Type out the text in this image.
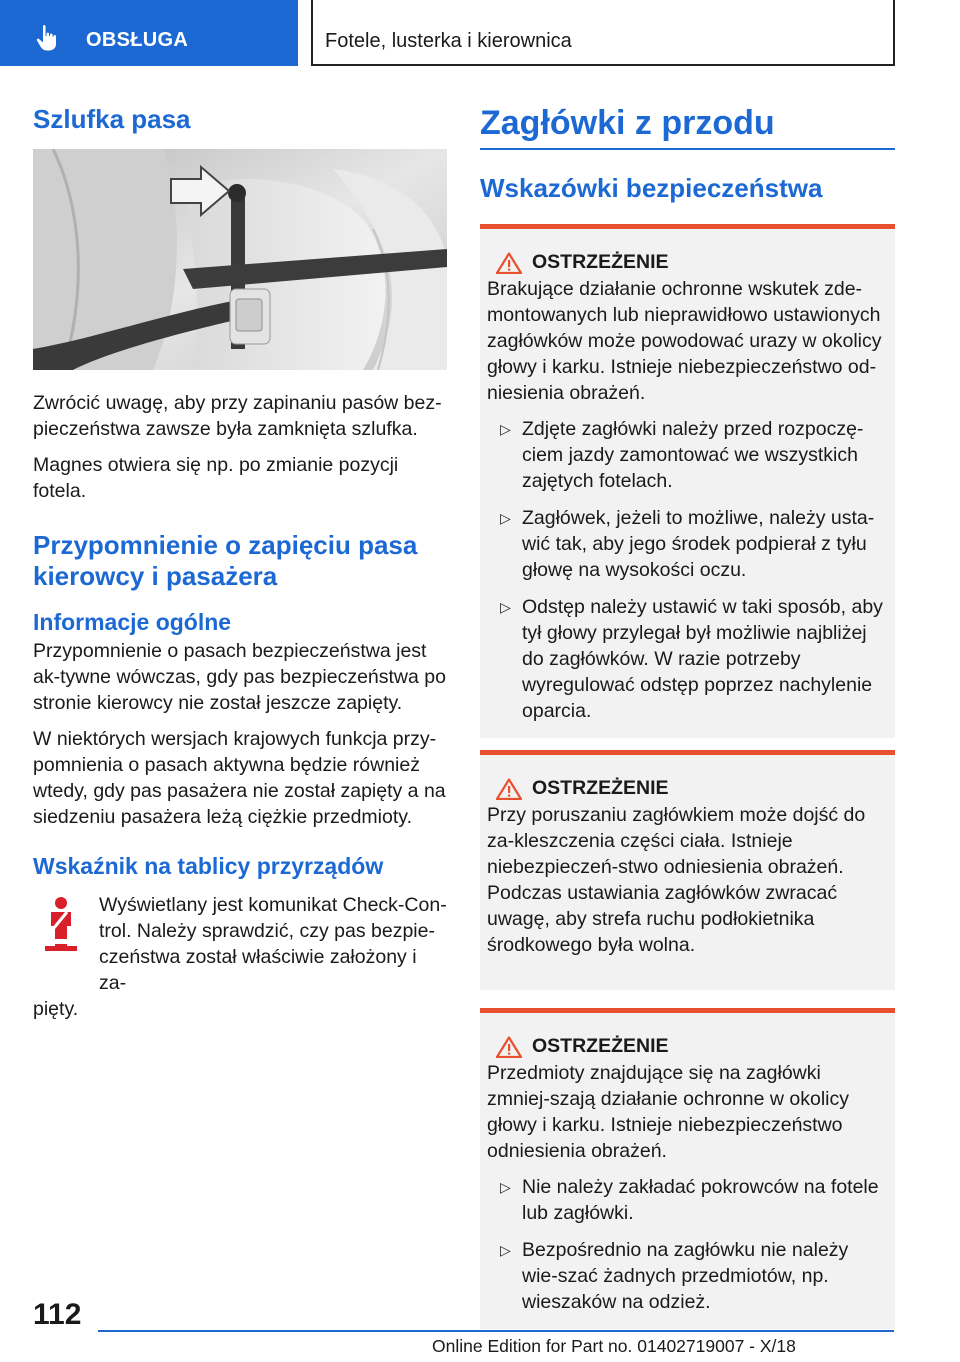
OBSŁUGA	Fotele, lusterka i kierownica
Szlufka pasa

Zwrócić uwagę, aby przy zapinaniu pasów bez-pieczeństwa zawsze była zamknięta szlufka.

Magnes otwiera się np. po zmianie pozycji fotela.

Przypomnienie o zapięciu pasa kierowcy i pasażera
Informacje ogólne

Przypomnienie o pasach bezpieczeństwa jest ak-tywne wówczas, gdy pas bezpieczeństwa po stronie kierowcy nie został jeszcze zapięty.

W niektórych wersjach krajowych funkcja przy-pomnienia o pasach aktywna będzie również wtedy, gdy pas pasażera nie został zapięty a na siedzeniu pasażera leżą ciężkie przedmioty.

Wskaźnik na tablicy przyrządów

Wyświetlany jest komunikat Check-Con-trol. Należy sprawdzić, czy pas bezpie-czeństwa został właściwie założony i za-

pięty.

Zagłówki z przodu
Wskazówki bezpieczeństwa
OSTRZEŻENIE

Brakujące działanie ochronne wskutek zde-montowanych lub nieprawidłowo ustawionych zagłówków może powodować urazy w okolicy głowy i karku. Istnieje niebezpieczeństwo od-niesienia obrażeń.

▷ Zdjęte zagłówki należy przed rozpoczę-ciem jazdy zamontować we wszystkich zajętych fotelach.
▷ Zagłówek, jeżeli to możliwe, należy usta-wić tak, aby jego środek podpierał z tyłu głowę na wysokości oczu.
▷ Odstęp należy ustawić w taki sposób, aby tył głowy przylegał był możliwie najbliżej do zagłówków. W razie potrzeby wyregulować odstęp poprzez nachylenie oparcia.
OSTRZEŻENIE

Przy poruszaniu zagłówkiem może dojść do za-kleszczenia części ciała. Istnieje niebezpieczeń-stwo odniesienia obrażeń. Podczas ustawiania zagłówków zwracać uwagę, aby strefa ruchu podłokietnika środkowego była wolna.

OSTRZEŻENIE

Przedmioty znajdujące się na zagłówki zmniej-szają działanie ochronne w okolicy głowy i karku. Istnieje niebezpieczeństwo odniesienia obrażeń.

▷ Nie należy zakładać pokrowców na fotele lub zagłówki.
▷ Bezpośrednio na zagłówku nie należy wie-szać żadnych przedmiotów, np. wieszaków na odzież.
112
Online Edition for Part no. 01402719007 - X/18
